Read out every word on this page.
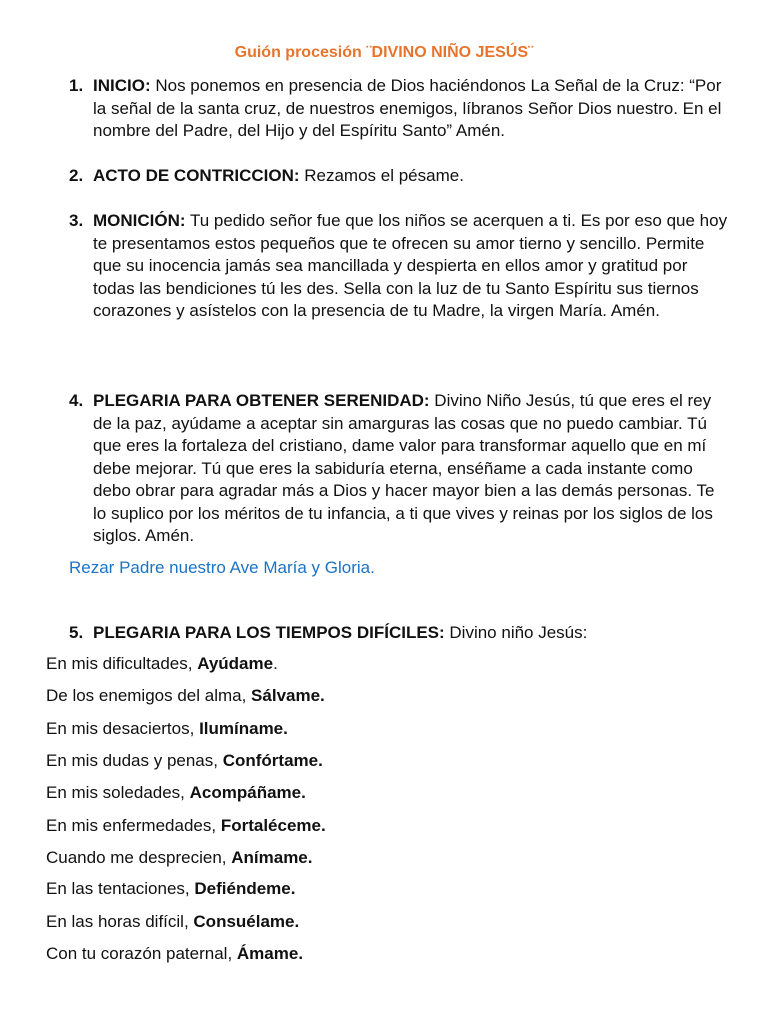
Guión procesión ¨DIVINO NIÑO JESÚS¨
1. INICIO: Nos ponemos en presencia de Dios haciéndonos La Señal de la Cruz: “Por la señal de la santa cruz, de nuestros enemigos, líbranos Señor Dios nuestro. En el nombre del Padre, del Hijo y del Espíritu Santo” Amén.
2. ACTO DE CONTRICCION: Rezamos el pésame.
3. MONICIÓN: Tu pedido señor fue que los niños se acerquen a ti. Es por eso que hoy te presentamos estos pequeños que te ofrecen su amor tierno y sencillo. Permite que su inocencia jamás sea mancillada y despierta en ellos amor y gratitud por todas las bendiciones tú les des. Sella con la luz de tu Santo Espíritu sus tiernos corazones y asístelos con la presencia de tu Madre, la virgen María. Amén.
4. PLEGARIA PARA OBTENER SERENIDAD: Divino Niño Jesús, tú que eres el rey de la paz, ayúdame a aceptar sin amarguras las cosas que no puedo cambiar. Tú que eres la fortaleza del cristiano, dame valor para transformar aquello que en mí debe mejorar. Tú que eres la sabiduría eterna, enséñame a cada instante como debo obrar para agradar más a Dios y hacer mayor bien a las demás personas. Te lo suplico por los méritos de tu infancia, a ti que vives y reinas por los siglos de los siglos. Amén.
Rezar Padre nuestro Ave María y Gloria.
5. PLEGARIA PARA LOS TIEMPOS DIFÍCILES: Divino niño Jesús:
En mis dificultades, Ayúdame.
De los enemigos del alma, Sálvame.
En mis desaciertos, Ilumíname.
En mis dudas y penas, Confórtame.
En mis soledades, Acompáñame.
En mis enfermedades, Fortaléceme.
Cuando me desprecien, Anímame.
En las tentaciones, Defiéndeme.
En las horas difícil, Consuélame.
Con tu corazón paternal, Ámame.
